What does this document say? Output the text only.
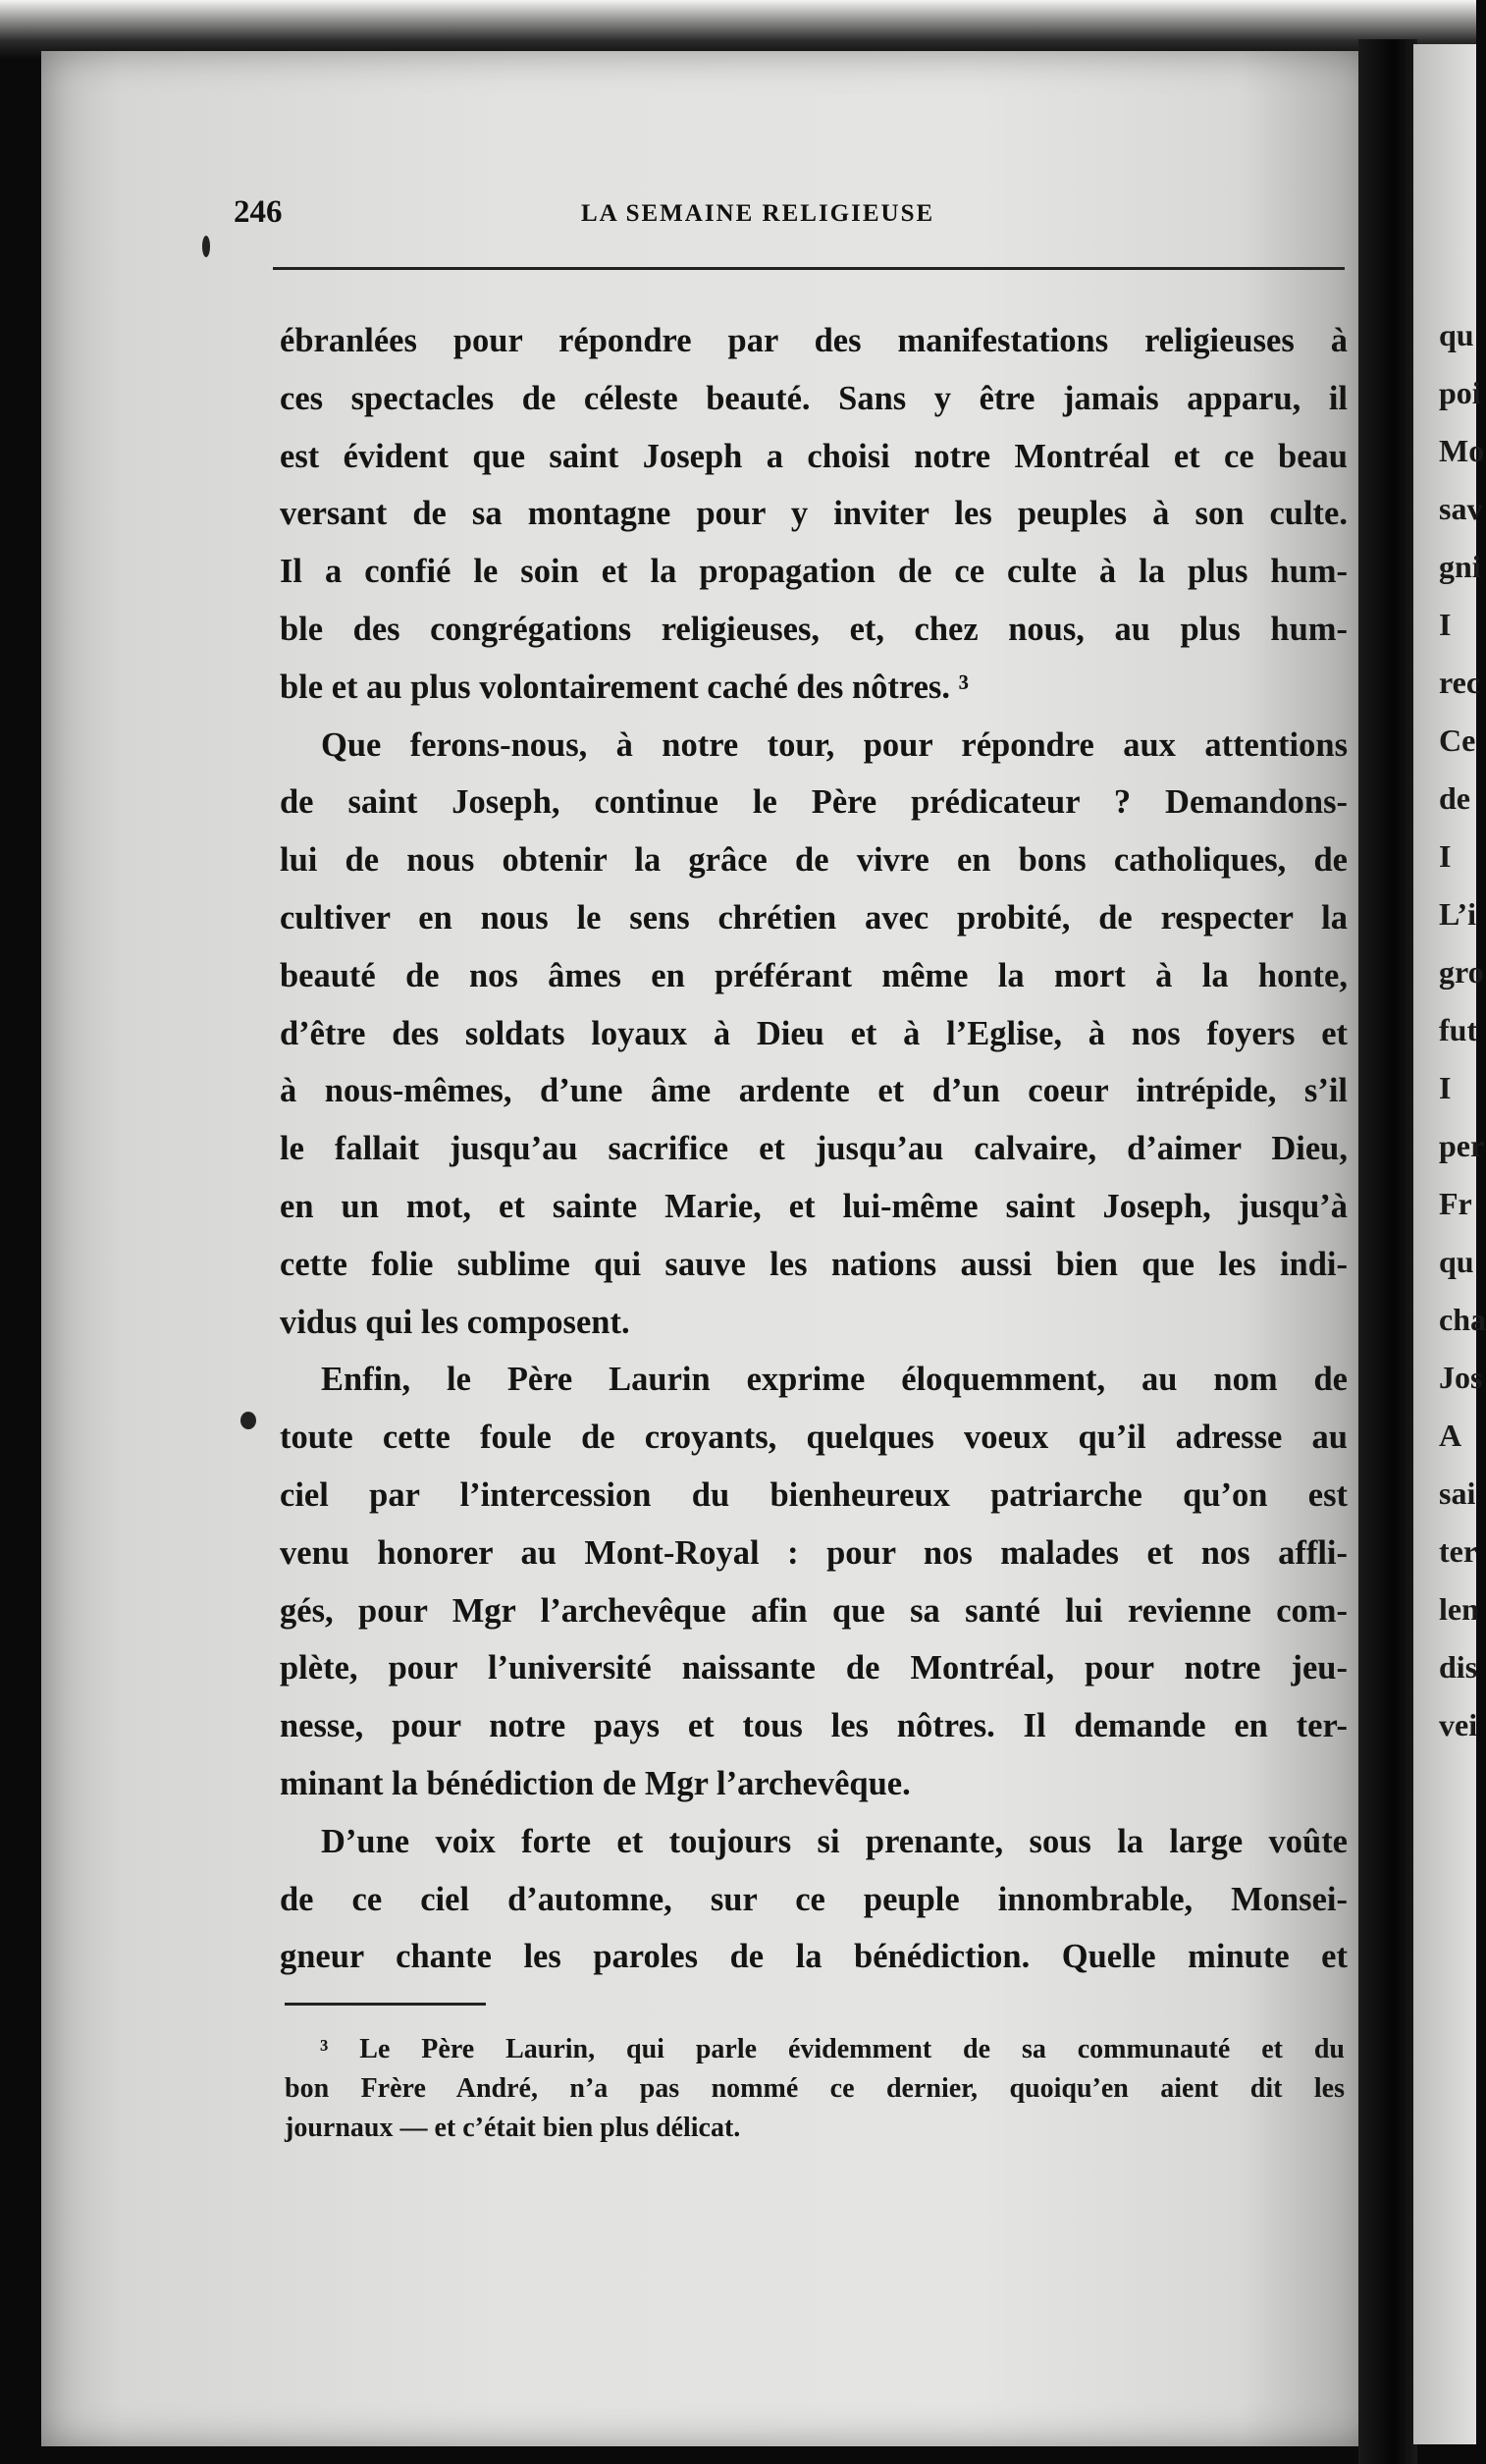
qu
poi
Mo
sav
gni
I
rec
Ce
de
I
L’i
gro
fut
I
per
Fr
qu
cha
Jos
A
sai
ter
len
dis
vei
246	LA SEMAINE RELIGIEUSE
ébranlées pour répondre par des manifestations religieuses à
ces spectacles de céleste beauté. Sans y être jamais apparu, il
est évident que saint Joseph a choisi notre Montréal et ce beau
versant de sa montagne pour y inviter les peuples à son culte.
Il a confié le soin et la propagation de ce culte à la plus hum-
ble des congrégations religieuses, et, chez nous, au plus hum-
ble et au plus volontairement caché des nôtres. ³
Que ferons-nous, à notre tour, pour répondre aux attentions
de saint Joseph, continue le Père prédicateur ? Demandons-
lui de nous obtenir la grâce de vivre en bons catholiques, de
cultiver en nous le sens chrétien avec probité, de respecter la
beauté de nos âmes en préférant même la mort à la honte,
d’être des soldats loyaux à Dieu et à l’Eglise, à nos foyers et
à nous-mêmes, d’une âme ardente et d’un coeur intrépide, s’il
le fallait jusqu’au sacrifice et jusqu’au calvaire, d’aimer Dieu,
en un mot, et sainte Marie, et lui-même saint Joseph, jusqu’à
cette folie sublime qui sauve les nations aussi bien que les indi-
vidus qui les composent.
Enfin, le Père Laurin exprime éloquemment, au nom de
toute cette foule de croyants, quelques voeux qu’il adresse au
ciel par l’intercession du bienheureux patriarche qu’on est
venu honorer au Mont-Royal : pour nos malades et nos affli-
gés, pour Mgr l’archevêque afin que sa santé lui revienne com-
plète, pour l’université naissante de Montréal, pour notre jeu-
nesse, pour notre pays et tous les nôtres. Il demande en ter-
minant la bénédiction de Mgr l’archevêque.
D’une voix forte et toujours si prenante, sous la large voûte
de ce ciel d’automne, sur ce peuple innombrable, Monsei-
gneur chante les paroles de la bénédiction. Quelle minute et
³ Le Père Laurin, qui parle évidemment de sa communauté et du
bon Frère André, n’a pas nommé ce dernier, quoiqu’en aient dit les
journaux — et c’était bien plus délicat.
